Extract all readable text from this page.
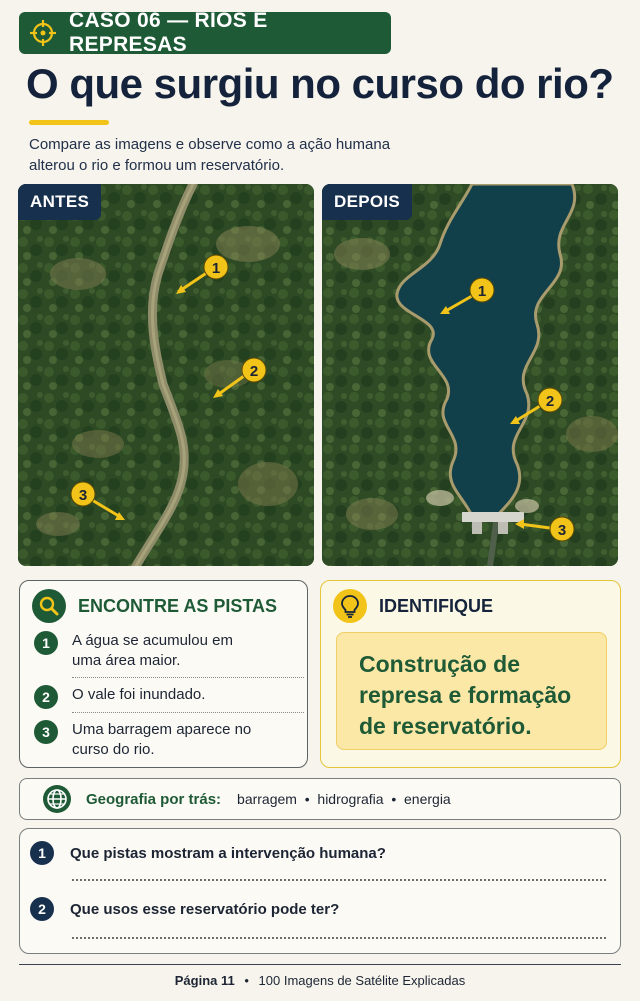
CASO 06 — RIOS E REPRESAS
O que surgiu no curso do rio?

Compare as imagens e observe como a ação humana alterou o rio e formou um reservatório.

1
2
3
ANTES
1
2
3
DEPOIS
ENCONTRE AS PISTAS
1	A água se acumulou em uma área maior.
2	O vale foi inundado.
3	Uma barragem aparece no curso do rio.
IDENTIFIQUE
Construção de represa e formação de reservatório.
Geografia por trás: barragem  •  hidrografia  •  energia
1	Que pistas mostram a intervenção humana?
2	Que usos esse reservatório pode ter?
Página 11 • 100 Imagens de Satélite Explicadas
